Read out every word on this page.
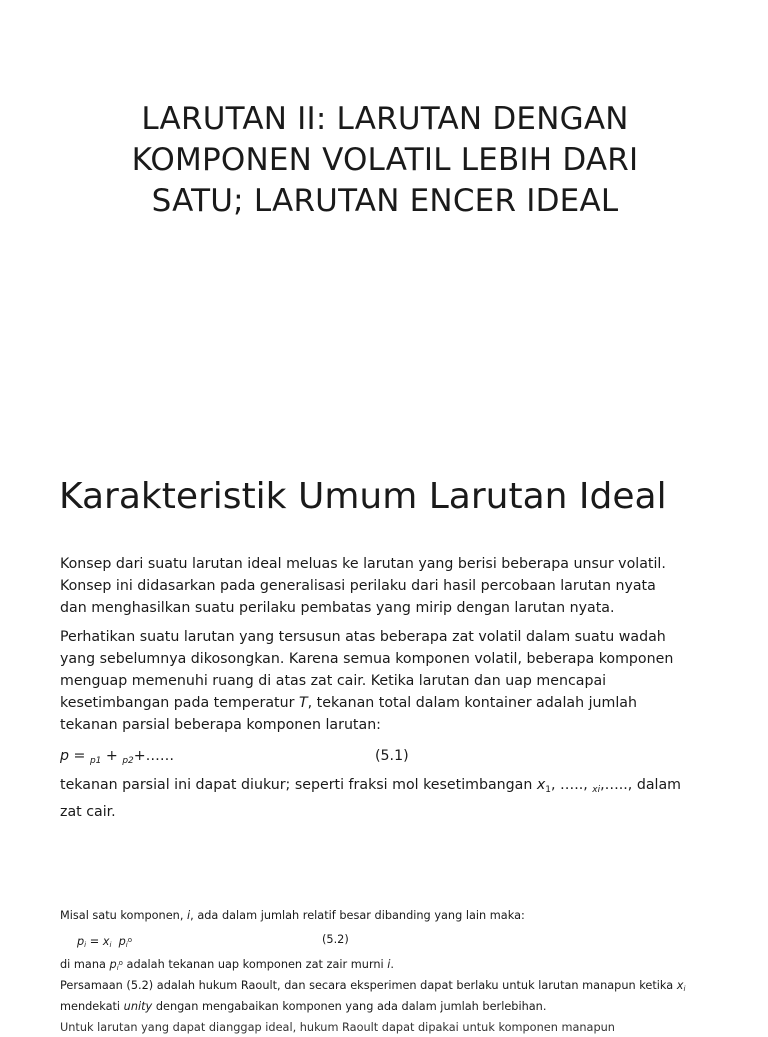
LARUTAN II: LARUTAN DENGAN
KOMPONEN VOLATIL LEBIH DARI
SATU; LARUTAN ENCER IDEAL
Karakteristik Umum Larutan Ideal
Konsep dari suatu larutan ideal meluas ke larutan yang berisi beberapa unsur volatil.
Konsep ini didasarkan pada generalisasi perilaku dari hasil percobaan larutan nyata
dan menghasilkan suatu perilaku pembatas yang mirip dengan larutan nyata.
Perhatikan suatu larutan yang tersusun atas beberapa zat volatil dalam suatu wadah
yang sebelumnya dikosongkan. Karena semua komponen volatil, beberapa komponen
menguap memenuhi ruang di atas zat cair. Ketika larutan dan uap mencapai
kesetimbangan pada temperatur T, tekanan total dalam kontainer adalah jumlah
tekanan parsial beberapa komponen larutan:
p = $_{p1}$ + $_{p2}$+……	(5.1)
tekanan parsial ini dapat diukur; seperti fraksi mol kesetimbangan $x_1$, ….., $_{xi}$,….., dalam
zat cair.
Misal satu komponen, i, ada dalam jumlah relatif besar dibanding yang lain maka:
pi = xi $pi^o$	(5.2)
di mana $pi^o$ adalah tekanan uap komponen zat zair murni i.
Persamaan (5.2) adalah hukum Raoult, dan secara eksperimen dapat berlaku untuk larutan manapun ketika xi
mendekati unity dengan mengabaikan komponen yang ada dalam jumlah berlebihan.
Untuk larutan yang dapat dianggap ideal, hukum Raoult dapat dipakai untuk komponen manapun
